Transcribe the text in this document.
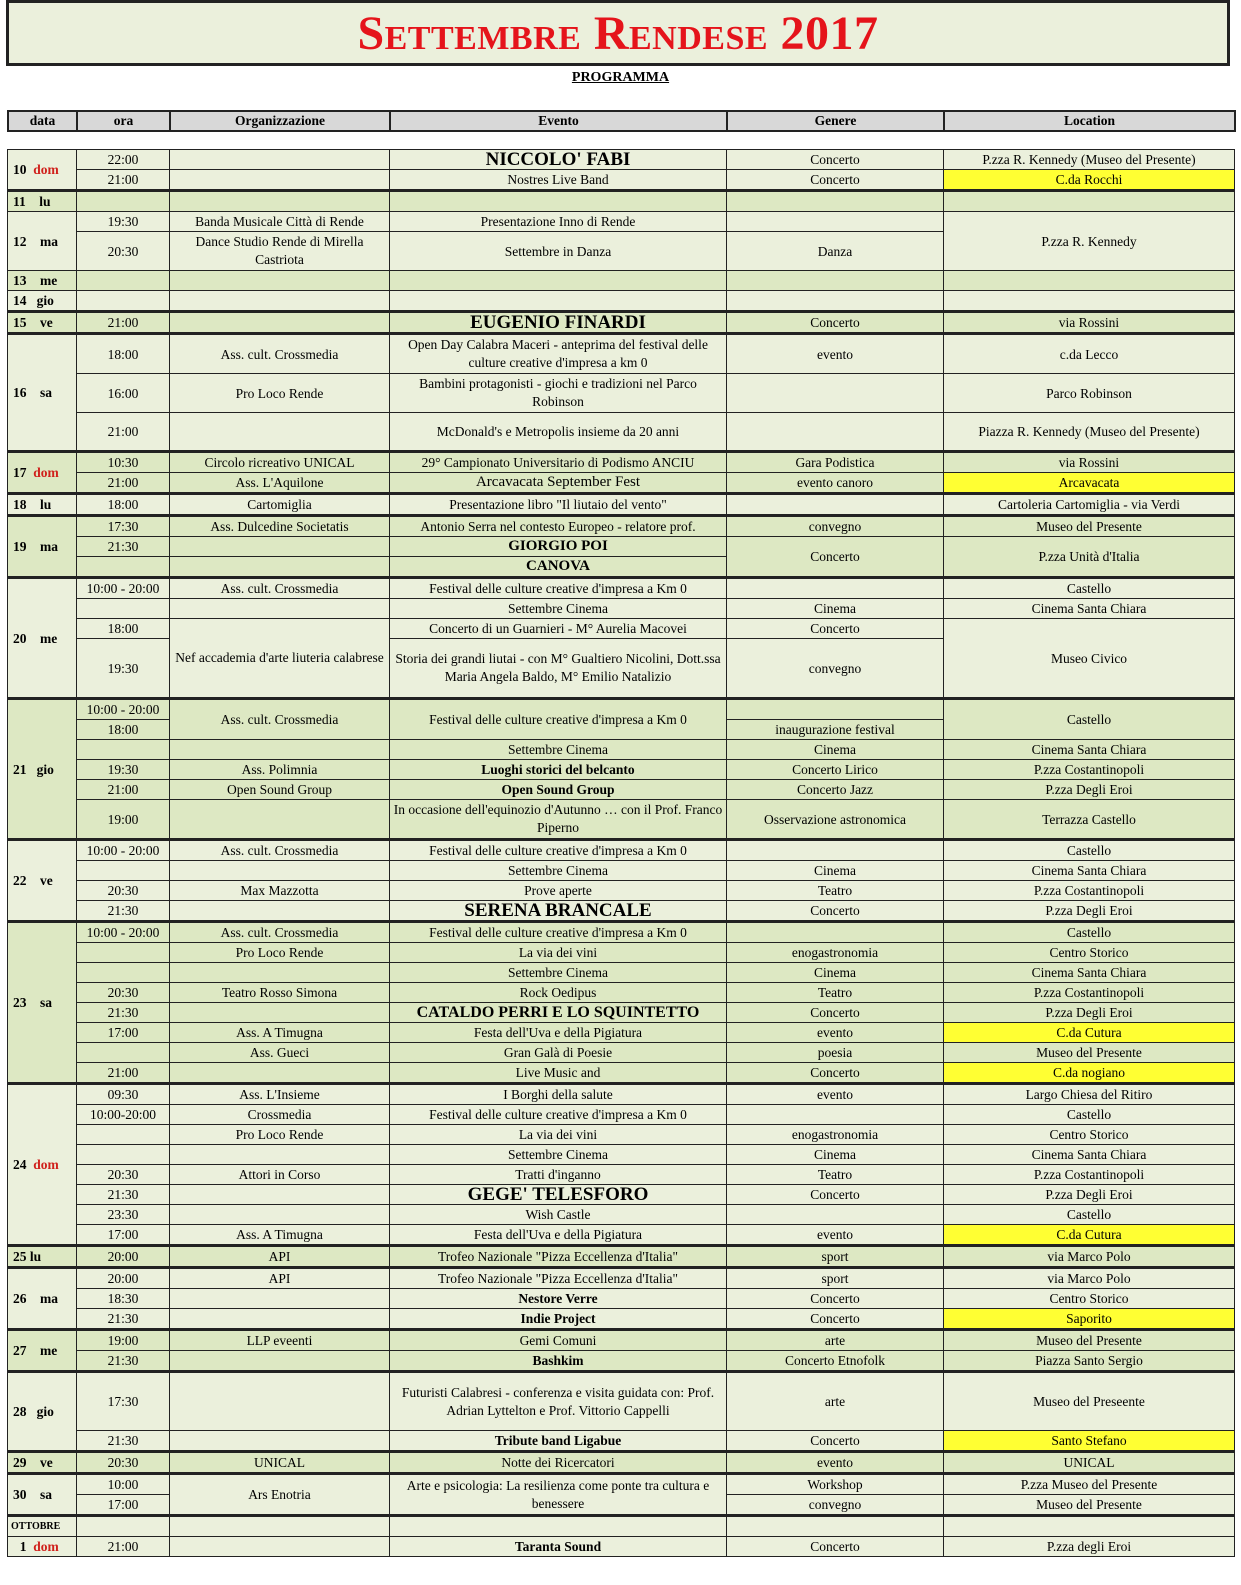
Settembre Rendese 2017
PROGRAMMA
data	ora	Organizzazione	Evento	Genere	Location
10 dom	22:00		NICCOLO' FABI	Concerto	P.zza R. Kennedy (Museo del Presente)
	21:00		Nostres Live Band	Concerto	C.da Rocchi
11 lu					
12 ma	19:30	Banda Musicale Città di Rende	Presentazione Inno di Rende		P.zza R. Kennedy
	20:30	Dance Studio Rende di Mirella Castriota	Settembre in Danza	Danza	
13 me					
14 gio					
15 ve	21:00		EUGENIO FINARDI	Concerto	via Rossini
16 sa	18:00	Ass. cult. Crossmedia	Open Day Calabra Maceri - anteprima del festival delle culture creative d'impresa a km 0	evento	c.da Lecco
	16:00	Pro Loco Rende	Bambini protagonisti - giochi e tradizioni nel Parco Robinson		Parco Robinson
	21:00		McDonald's e Metropolis insieme da 20 anni		Piazza R. Kennedy (Museo del Presente)
17 dom	10:30	Circolo ricreativo UNICAL	29° Campionato Universitario di Podismo ANCIU	Gara Podistica	via Rossini
	21:00	Ass. L'Aquilone	Arcavacata September Fest	evento canoro	Arcavacata
18 lu	18:00	Cartomiglia	Presentazione libro "Il liutaio del vento"		Cartoleria Cartomiglia - via Verdi
19 ma	17:30	Ass. Dulcedine Societatis	Antonio Serra nel contesto Europeo - relatore prof.	convegno	Museo del Presente
	21:30		GIORGIO POI	Concerto	P.zza Unità d'Italia
			CANOVA		
20 me	10:00 - 20:00	Ass. cult. Crossmedia	Festival delle culture creative d'impresa a Km 0		Castello
			Settembre Cinema	Cinema	Cinema Santa Chiara
	18:00	Nef accademia d'arte liuteria calabrese	Concerto di un Guarnieri - M° Aurelia Macovei	Concerto	Museo Civico
	19:30		Storia dei grandi liutai - con M° Gualtiero Nicolini, Dott.ssa Maria Angela Baldo, M° Emilio Natalizio	convegno	
21 gio	10:00 - 20:00	Ass. cult. Crossmedia	Festival delle culture creative d'impresa a Km 0		Castello
	18:00			inaugurazione festival	
			Settembre Cinema	Cinema	Cinema Santa Chiara
	19:30	Ass. Polimnia	Luoghi storici del belcanto	Concerto Lirico	P.zza Costantinopoli
	21:00	Open Sound Group	Open Sound Group	Concerto Jazz	P.zza Degli Eroi
	19:00		In occasione dell'equinozio d'Autunno … con il Prof. Franco Piperno	Osservazione astronomica	Terrazza Castello
22 ve	10:00 - 20:00	Ass. cult. Crossmedia	Festival delle culture creative d'impresa a Km 0		Castello
			Settembre Cinema	Cinema	Cinema Santa Chiara
	20:30	Max Mazzotta	Prove aperte	Teatro	P.zza Costantinopoli
	21:30		SERENA BRANCALE	Concerto	P.zza Degli Eroi
23 sa	10:00 - 20:00	Ass. cult. Crossmedia	Festival delle culture creative d'impresa a Km 0		Castello
		Pro Loco Rende	La via dei vini	enogastronomia	Centro Storico
			Settembre Cinema	Cinema	Cinema Santa Chiara
	20:30	Teatro Rosso Simona	Rock Oedipus	Teatro	P.zza Costantinopoli
	21:30		CATALDO PERRI E LO SQUINTETTO	Concerto	P.zza Degli Eroi
	17:00	Ass. A Timugna	Festa dell'Uva e della Pigiatura	evento	C.da Cutura
		Ass. Gueci	Gran Galà di Poesie	poesia	Museo del Presente
	21:00		Live Music and	Concerto	C.da nogiano
24 dom	09:30	Ass. L'Insieme	I Borghi della salute	evento	Largo Chiesa del Ritiro
	10:00-20:00	Crossmedia	Festival delle culture creative d'impresa a Km 0		Castello
		Pro Loco Rende	La via dei vini	enogastronomia	Centro Storico
			Settembre Cinema	Cinema	Cinema Santa Chiara
	20:30	Attori in Corso	Tratti d'inganno	Teatro	P.zza Costantinopoli
	21:30		GEGE' TELESFORO	Concerto	P.zza Degli Eroi
	23:30		Wish Castle		Castello
	17:00	Ass. A Timugna	Festa dell'Uva e della Pigiatura	evento	C.da Cutura
25 lu	20:00	API	Trofeo Nazionale "Pizza Eccellenza d'Italia"	sport	via Marco Polo
26 ma	20:00	API	Trofeo Nazionale "Pizza Eccellenza d'Italia"	sport	via Marco Polo
	18:30		Nestore Verre	Concerto	Centro Storico
	21:30		Indie Project	Concerto	Saporito
27 me	19:00	LLP eveenti	Gemi Comuni	arte	Museo del Presente
	21:30		Bashkim	Concerto Etnofolk	Piazza Santo Sergio
28 gio	17:30		Futuristi Calabresi - conferenza e visita guidata con: Prof. Adrian Lyttelton e Prof. Vittorio Cappelli	arte	Museo del Preseente
	21:30		Tribute band Ligabue	Concerto	Santo Stefano
29 ve	20:30	UNICAL	Notte dei Ricercatori	evento	UNICAL
30 sa	10:00	Ars Enotria	Arte e psicologia: La resilienza come ponte tra cultura e benessere	Workshop	P.zza Museo del Presente
	17:00			convegno	Museo del Presente
OTTOBRE					
1 dom	21:00		Taranta Sound	Concerto	P.zza degli Eroi
